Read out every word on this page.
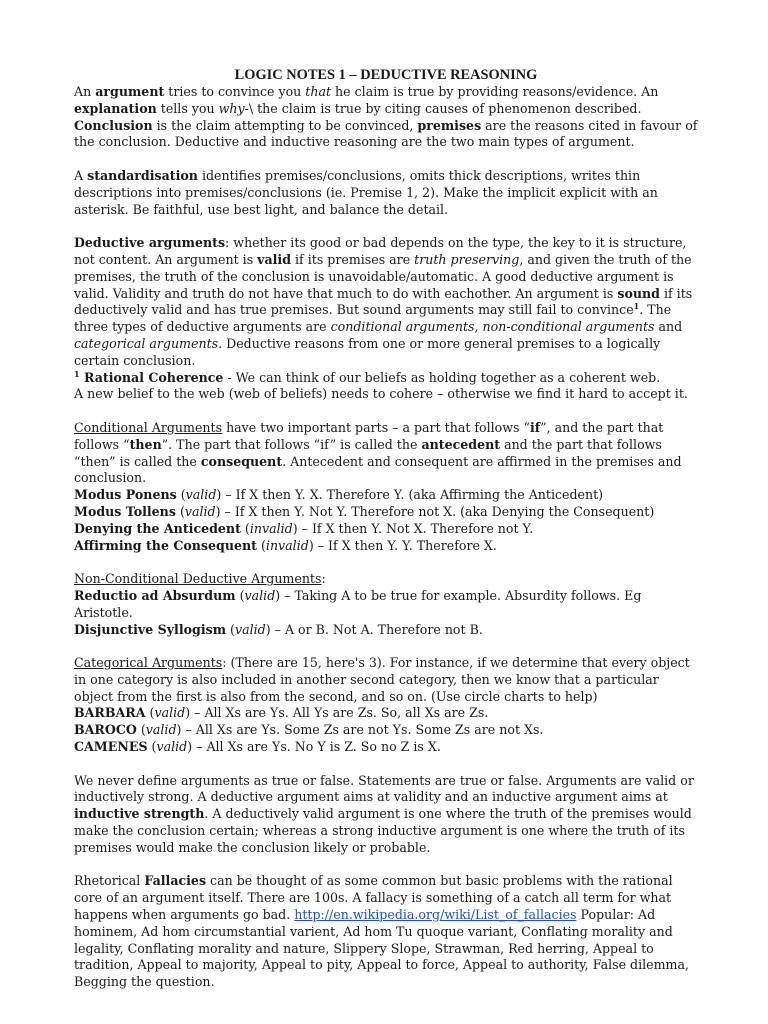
LOGIC NOTES 1 – DEDUCTIVE REASONING

An argument tries to convince you that he claim is true by providing reasons/evidence. An explanation tells you why-\ the claim is true by citing causes of phenomenon described.
Conclusion is the claim attempting to be convinced, premises are the reasons cited in favour of the conclusion. Deductive and inductive reasoning are the two main types of argument.

A standardisation identifies premises/conclusions, omits thick descriptions, writes thin descriptions into premises/conclusions (ie. Premise 1, 2). Make the implicit explicit with an asterisk. Be faithful, use best light, and balance the detail.

Deductive arguments: whether its good or bad depends on the type, the key to it is structure, not content. An argument is valid if its premises are truth preserving, and given the truth of the premises, the truth of the conclusion is unavoidable/automatic. A good deductive argument is valid. Validity and truth do not have that much to do with eachother. An argument is sound if its deductively valid and has true premises. But sound arguments may still fail to convince$^1$. The three types of deductive arguments are conditional arguments, non-conditional arguments and categorical arguments. Deductive reasons from one or more general premises to a logically certain conclusion.

$^1$ Rational Coherence - We can think of our beliefs as holding together as a coherent web.
A new belief to the web (web of beliefs) needs to cohere – otherwise we find it hard to accept it.

Conditional Arguments have two important parts – a part that follows “if”, and the part that follows “then”. The part that follows “if” is called the antecedent and the part that follows “then” is called the consequent. Antecedent and consequent are affirmed in the premises and conclusion.

Modus Ponens (valid) – If X then Y. X. Therefore Y. (aka Affirming the Anticedent)

Modus Tollens (valid) – If X then Y. Not Y. Therefore not X. (aka Denying the Consequent)

Denying the Anticedent (invalid) – If X then Y. Not X. Therefore not Y.

Affirming the Consequent (invalid) – If X then Y. Y. Therefore X.

Non-Conditional Deductive Arguments:

Reductio ad Absurdum (valid) – Taking A to be true for example. Absurdity follows. Eg Aristotle.

Disjunctive Syllogism (valid) – A or B. Not A. Therefore not B.

Categorical Arguments: (There are 15, here's 3). For instance, if we determine that every object in one category is also included in another second category, then we know that a particular object from the first is also from the second, and so on. (Use circle charts to help)

BARBARA (valid) – All Xs are Ys. All Ys are Zs. So, all Xs are Zs.

BAROCO (valid) – All Xs are Ys. Some Zs are not Ys. Some Zs are not Xs.

CAMENES (valid) – All Xs are Ys. No Y is Z. So no Z is X.

We never define arguments as true or false. Statements are true or false. Arguments are valid or inductively strong. A deductive argument aims at validity and an inductive argument aims at inductive strength. A deductively valid argument is one where the truth of the premises would make the conclusion certain; whereas a strong inductive argument is one where the truth of its premises would make the conclusion likely or probable.

Rhetorical Fallacies can be thought of as some common but basic problems with the rational core of an argument itself. There are 100s. A fallacy is something of a catch all term for what happens when arguments go bad. http://en.wikipedia.org/wiki/List_of_fallacies Popular: Ad hominem, Ad hom circumstantial varient, Ad hom Tu quoque variant, Conflating morality and legality, Conflating morality and nature, Slippery Slope, Strawman, Red herring, Appeal to tradition, Appeal to majority, Appeal to pity, Appeal to force, Appeal to authority, False dilemma, Begging the question.
